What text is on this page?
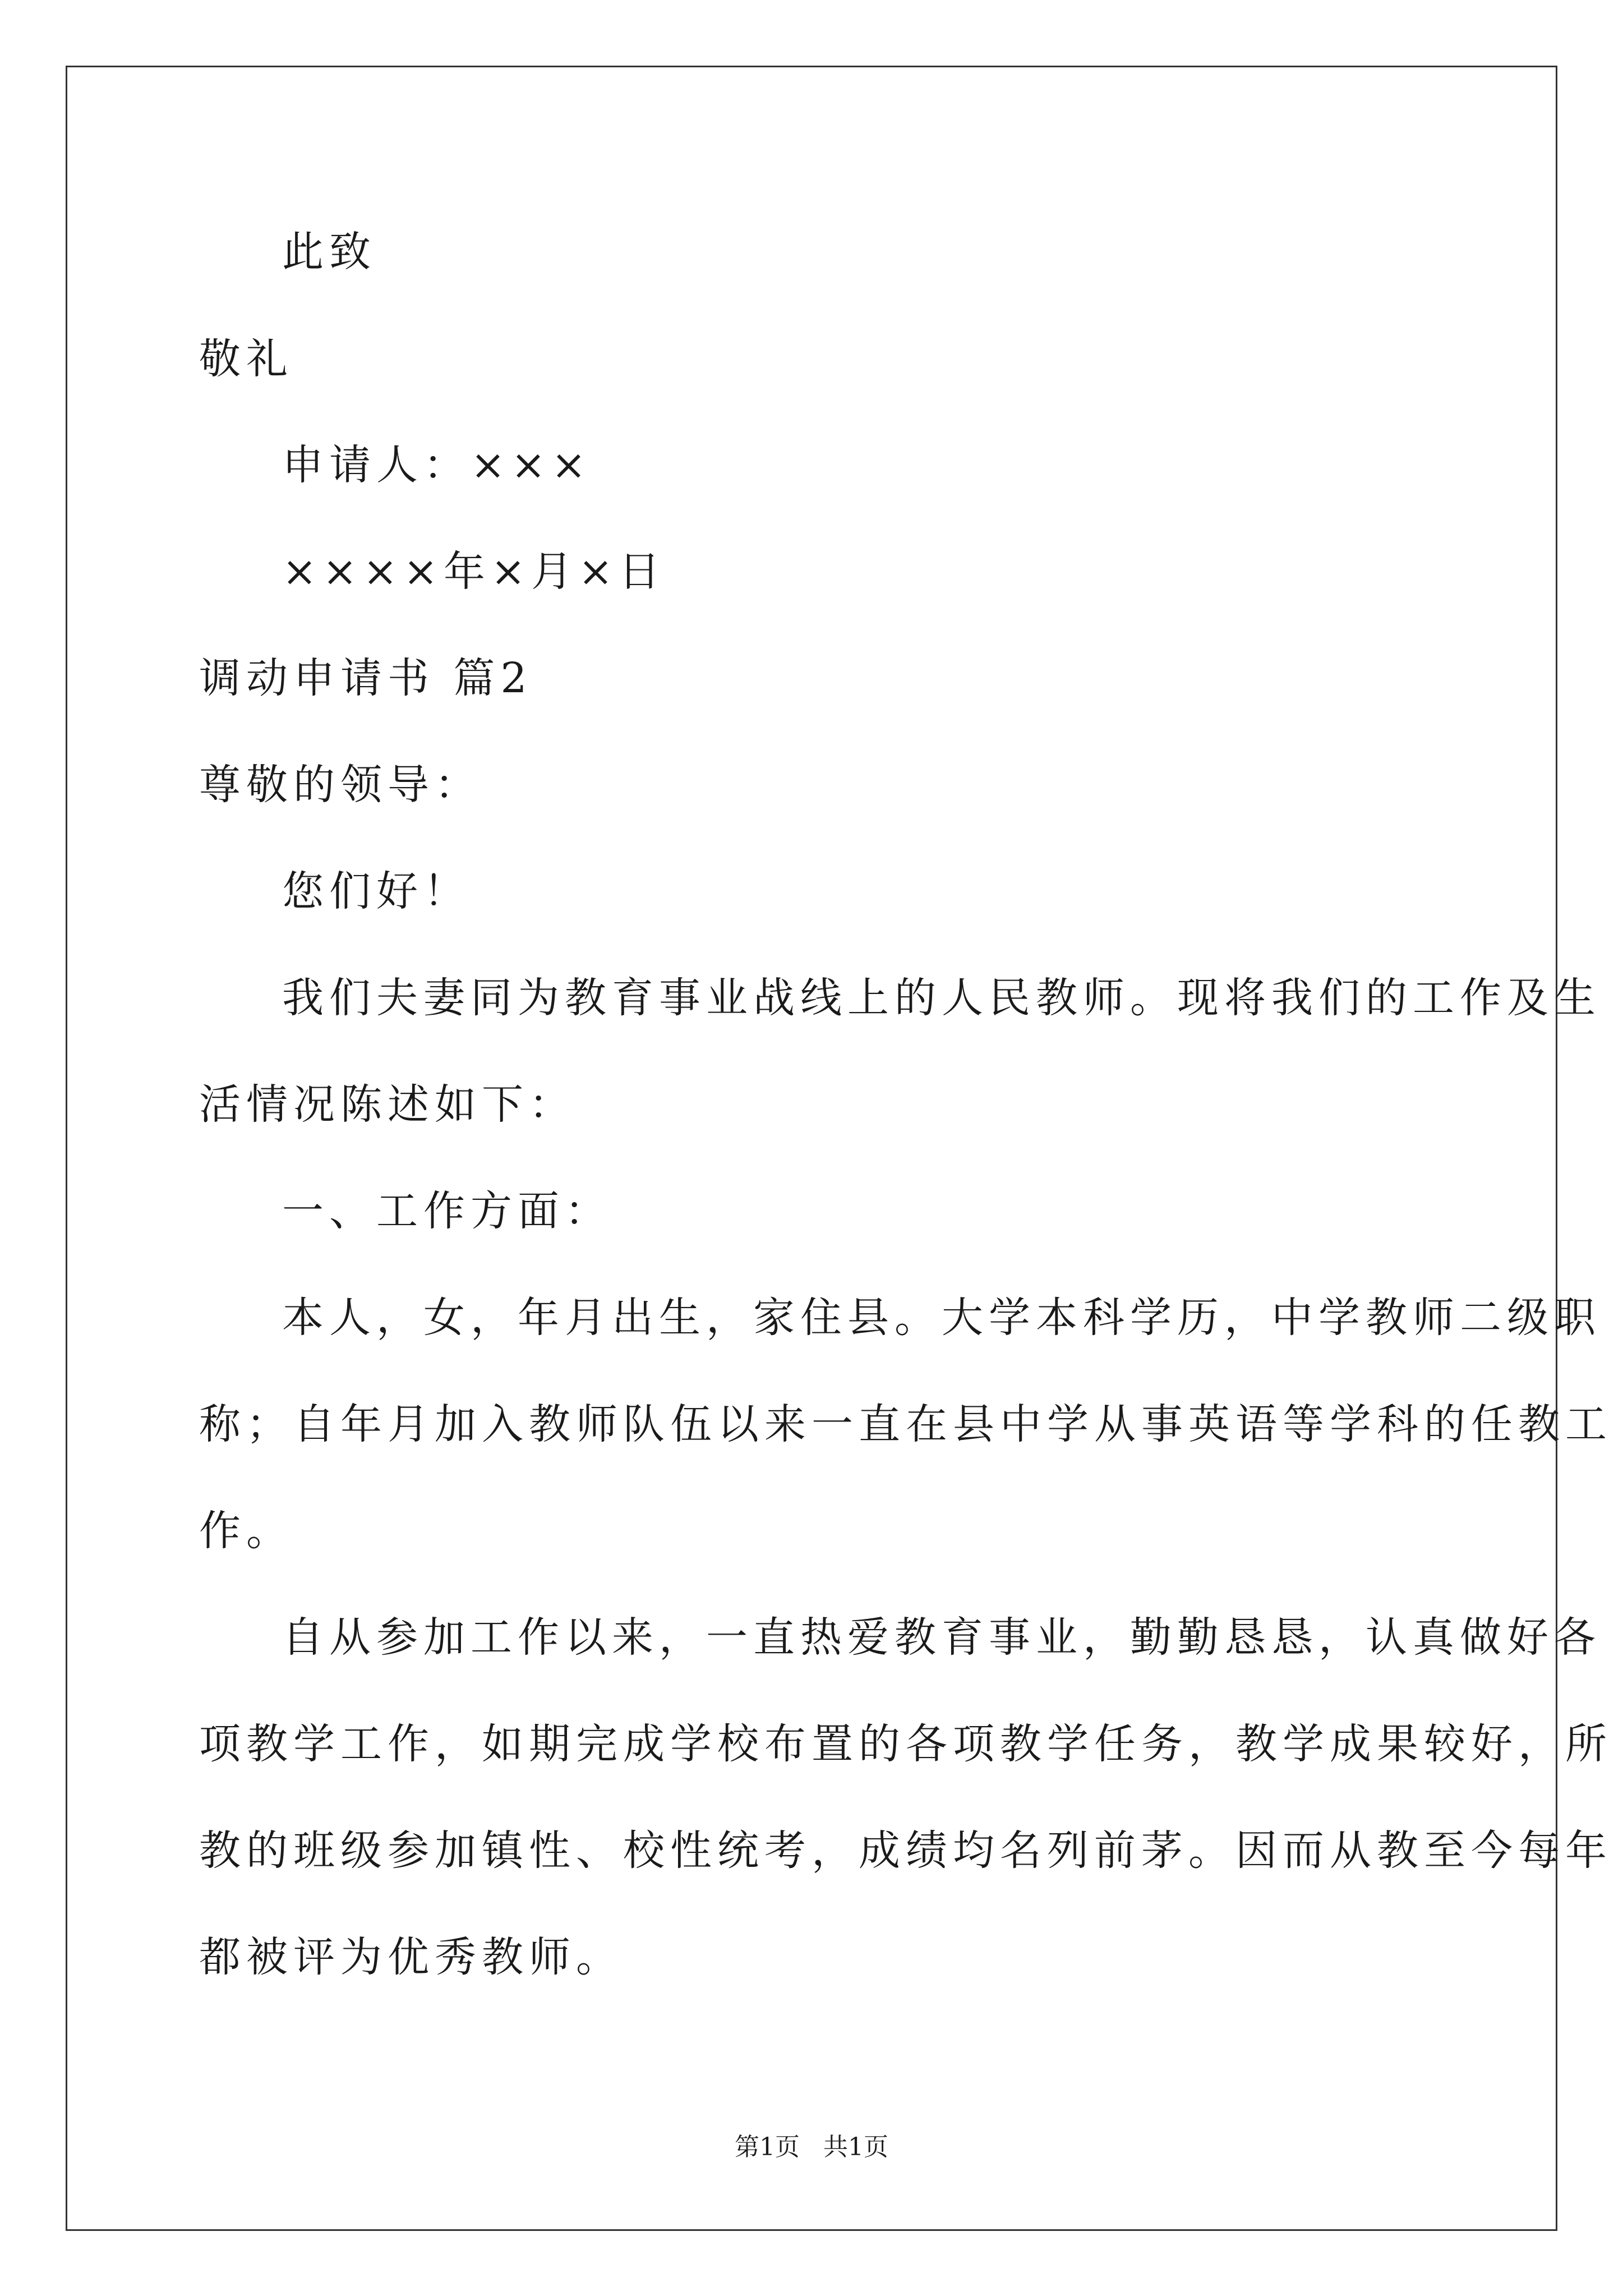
此致
敬礼
申请人：×××
××××年×月×日
调动申请书 篇2
尊敬的领导：
您们好！
我们夫妻同为教育事业战线上的人民教师。现将我们的工作及生
活情况陈述如下：
一、工作方面：
本人，女，年月出生，家住县。大学本科学历，中学教师二级职
称；自年月加入教师队伍以来一直在县中学从事英语等学科的任教工
作。
自从参加工作以来，一直热爱教育事业，勤勤恳恳，认真做好各
项教学工作，如期完成学校布置的各项教学任务，教学成果较好，所
教的班级参加镇性、校性统考，成绩均名列前茅。因而从教至今每年
都被评为优秀教师。
第1页   共1页
